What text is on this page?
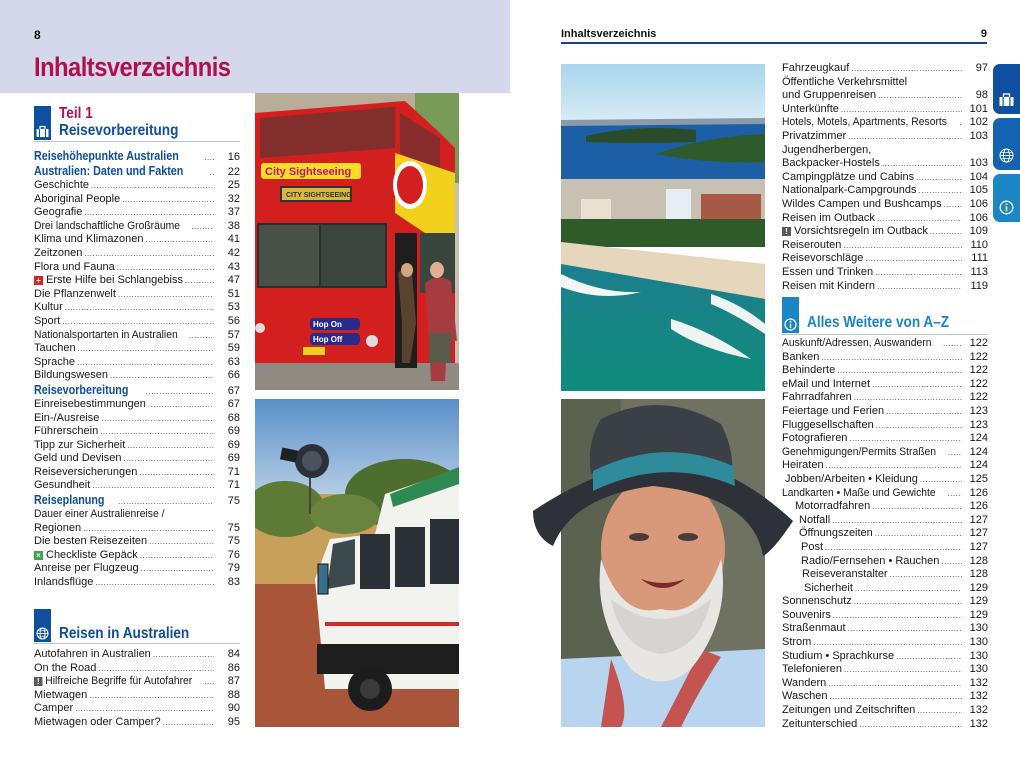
8
Inhaltsverzeichnis
Teil 1
Reisevorbereitung
Reisehöhepunkte Australien .....	16
Australien: Daten und Fakten .....	22
Geschichte .....	25
Aboriginal People .....	32
Geografie .....	37
Drei landschaftliche Großräume .....	38
Klima und Klimazonen .....	41
Zeitzonen .....	42
Flora und Fauna .....	43
+ Erste Hilfe bei Schlangebiss .....	47
Die Pflanzenwelt .....	51
Kultur .....	53
Sport .....	56
Nationalsportarten in Australien .....	57
Tauchen .....	59
Sprache .....	63
Bildungswesen .....	66
Reisevorbereitung .....	67
Einreisebestimmungen .....	67
Ein-/Ausreise .....	68
Führerschein .....	69
Tipp zur Sicherheit .....	69
Geld und Devisen .....	69
Reiseversicherungen .....	71
Gesundheit .....	71
Reiseplanung .....	75
Dauer einer Australienreise /
Regionen .....	75
Die besten Reisezeiten .....	75
× Checkliste Gepäck .....	76
Anreise per Flugzeug .....	79
Inlandsflüge .....	83
Reisen in Australien
Autofahren in Australien .....	84
On the Road .....	86
! Hilfreiche Begriffe für Autofahrer .....	87
Mietwagen .....	88
Camper .....	90
Mietwagen oder Camper? .....	95
City Sightseeing
CITY SIGHTSEEING
Hop On
Hop Off
Inhaltsverzeichnis	9
Fahrzeugkauf .....	97
Öffentliche Verkehrsmittel
und Gruppenreisen .....	98
Unterkünfte .....	101
Hotels, Motels, Apartments, Resorts .....	102
Privatzimmer .....	103
Jugendherbergen,
Backpacker-Hostels .....	103
Campingplätze und Cabins .....	104
Nationalpark-Campgrounds .....	105
Wildes Campen und Bushcamps .....	106
Reisen im Outback .....	106
! Vorsichtsregeln im Outback .....	109
Reiserouten .....	110
Reisevorschläge .....	111
Essen und Trinken .....	113
Reisen mit Kindern .....	119
Alles Weitere von A–Z
Auskunft/Adressen, Auswandern .....	122
Banken .....	122
Behinderte .....	122
eMail und Internet .....	122
Fahrradfahren .....	122
Feiertage und Ferien .....	123
Fluggesellschaften .....	123
Fotografieren .....	124
Genehmigungen/Permits Straßen .....	124
Heiraten .....	124
Jobben/Arbeiten • Kleidung .....	125
Landkarten • Maße und Gewichte .....	126
Motorradfahren .....	126
Notfall .....	127
Öffnungszeiten .....	127
Post .....	127
Radio/Fernsehen • Rauchen .....	128
Reiseveranstalter .....	128
Sicherheit .....	129
Sonnenschutz .....	129
Souvenirs .....	129
Straßenmaut .....	130
Strom .....	130
Studium • Sprachkurse .....	130
Telefonieren .....	130
Wandern .....	132
Waschen .....	132
Zeitungen und Zeitschriften .....	132
Zeitunterschied .....	132
